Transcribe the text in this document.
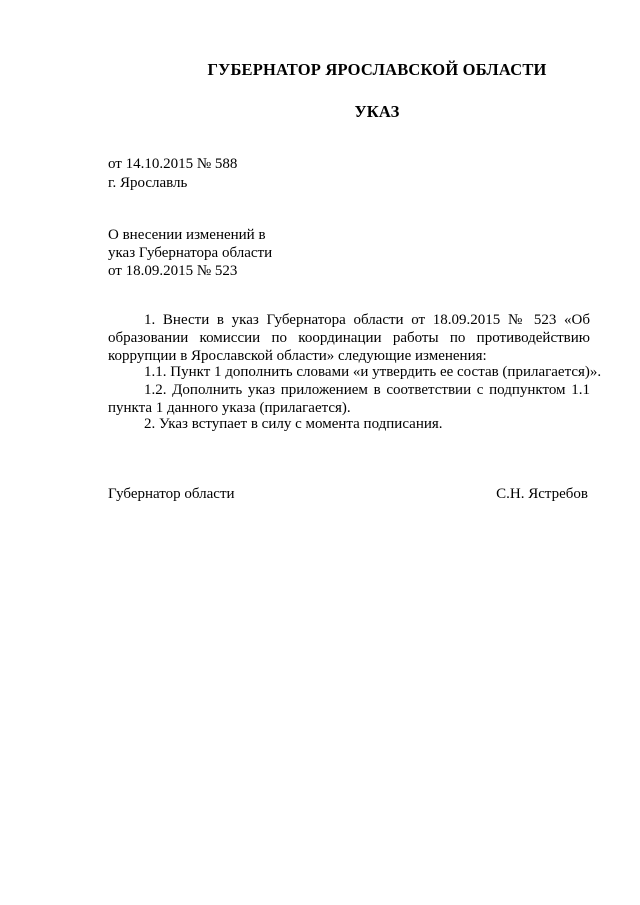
ГУБЕРНАТОР ЯРОСЛАВСКОЙ ОБЛАСТИ
УКАЗ
от 14.10.2015 № 588
г. Ярославль
О внесении изменений в
указ Губернатора области
от 18.09.2015 № 523
1. Внести в указ Губернатора области от 18.09.2015 № 523 «Об
образовании комиссии по координации работы по противодействию
коррупции в Ярославской области» следующие изменения:
1.1. Пункт 1 дополнить словами «и утвердить ее состав (прилагается)».
1.2. Дополнить указ приложением в соответствии с подпунктом 1.1
пункта 1 данного указа (прилагается).
2. Указ вступает в силу с момента подписания.
Губернатор области	С.Н. Ястребов
